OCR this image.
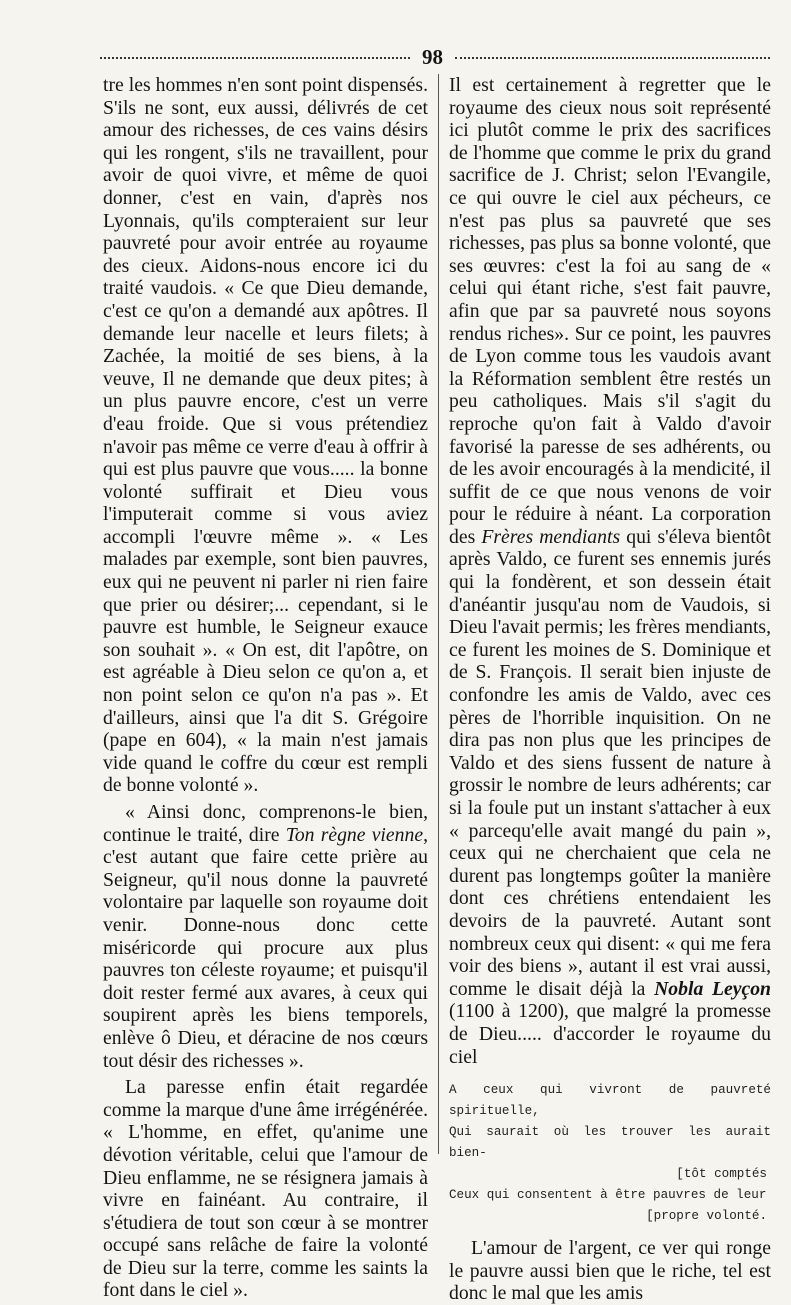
98

tre les hommes n'en sont point dispensés. S'ils ne sont, eux aussi, délivrés de cet amour des richesses, de ces vains désirs qui les rongent, s'ils ne travaillent, pour avoir de quoi vivre, et même de quoi donner, c'est en vain, d'après nos Lyonnais, qu'ils compteraient sur leur pauvreté pour avoir entrée au royaume des cieux. Aidons-nous encore ici du traité vaudois. « Ce que Dieu demande, c'est ce qu'on a demandé aux apôtres. Il demande leur nacelle et leurs filets; à Zachée, la moitié de ses biens, à la veuve, Il ne demande que deux pites; à un plus pauvre encore, c'est un verre d'eau froide. Que si vous prétendiez n'avoir pas même ce verre d'eau à offrir à qui est plus pauvre que vous..... la bonne volonté suffirait et Dieu vous l'imputerait comme si vous aviez accompli l'œuvre même ». « Les malades par exemple, sont bien pauvres, eux qui ne peuvent ni parler ni rien faire que prier ou désirer;... cependant, si le pauvre est humble, le Seigneur exauce son souhait ». « On est, dit l'apôtre, on est agréable à Dieu selon ce qu'on a, et non point selon ce qu'on n'a pas ». Et d'ailleurs, ainsi que l'a dit S. Grégoire (pape en 604), « la main n'est jamais vide quand le coffre du cœur est rempli de bonne volonté ».

« Ainsi donc, comprenons-le bien, continue le traité, dire Ton règne vienne, c'est autant que faire cette prière au Seigneur, qu'il nous donne la pauvreté volontaire par laquelle son royaume doit venir. Donne-nous donc cette miséricorde qui procure aux plus pauvres ton céleste royaume; et puisqu'il doit rester fermé aux avares, à ceux qui soupirent après les biens temporels, enlève ô Dieu, et déracine de nos cœurs tout désir des richesses ».

La paresse enfin était regardée comme la marque d'une âme irrégénérée. « L'homme, en effet, qu'anime une dévotion véritable, celui que l'amour de Dieu enflamme, ne se résignera jamais à vivre en fainéant. Au contraire, il s'étudiera de tout son cœur à se montrer occupé sans relâche de faire la volonté de Dieu sur la terre, comme les saints la font dans le ciel ».

Il est certainement à regretter que le royaume des cieux nous soit représenté ici plutôt comme le prix des sacrifices de l'homme que comme le prix du grand sacrifice de J. Christ; selon l'Evangile, ce qui ouvre le ciel aux pécheurs, ce n'est pas plus sa pauvreté que ses richesses, pas plus sa bonne volonté, que ses œuvres: c'est la foi au sang de « celui qui étant riche, s'est fait pauvre, afin que par sa pauvreté nous soyons rendus riches». Sur ce point, les pauvres de Lyon comme tous les vaudois avant la Réformation semblent être restés un peu catholiques. Mais s'il s'agit du reproche qu'on fait à Valdo d'avoir favorisé la paresse de ses adhérents, ou de les avoir encouragés à la mendicité, il suffit de ce que nous venons de voir pour le réduire à néant. La corporation des Frères mendiants qui s'éleva bientôt après Valdo, ce furent ses ennemis jurés qui la fondèrent, et son dessein était d'anéantir jusqu'au nom de Vaudois, si Dieu l'avait permis; les frères mendiants, ce furent les moines de S. Dominique et de S. François. Il serait bien injuste de confondre les amis de Valdo, avec ces pères de l'horrible inquisition. On ne dira pas non plus que les principes de Valdo et des siens fussent de nature à grossir le nombre de leurs adhérents; car si la foule put un instant s'attacher à eux « parcequ'elle avait mangé du pain », ceux qui ne cherchaient que cela ne durent pas longtemps goûter la manière dont ces chrétiens entendaient les devoirs de la pauvreté. Autant sont nombreux ceux qui disent: « qui me fera voir des biens », autant il est vrai aussi, comme le disait déjà la Nobla Leyçon (1100 à 1200), que malgré la promesse de Dieu..... d'accorder le royaume du ciel

A ceux qui vivront de pauvreté spirituelle,
Qui saurait où les trouver les aurait bien-
[tôt comptés
Ceux qui consentent à être pauvres de leur
[propre volonté.

L'amour de l'argent, ce ver qui ronge le pauvre aussi bien que le riche, tel est donc le mal que les amis
